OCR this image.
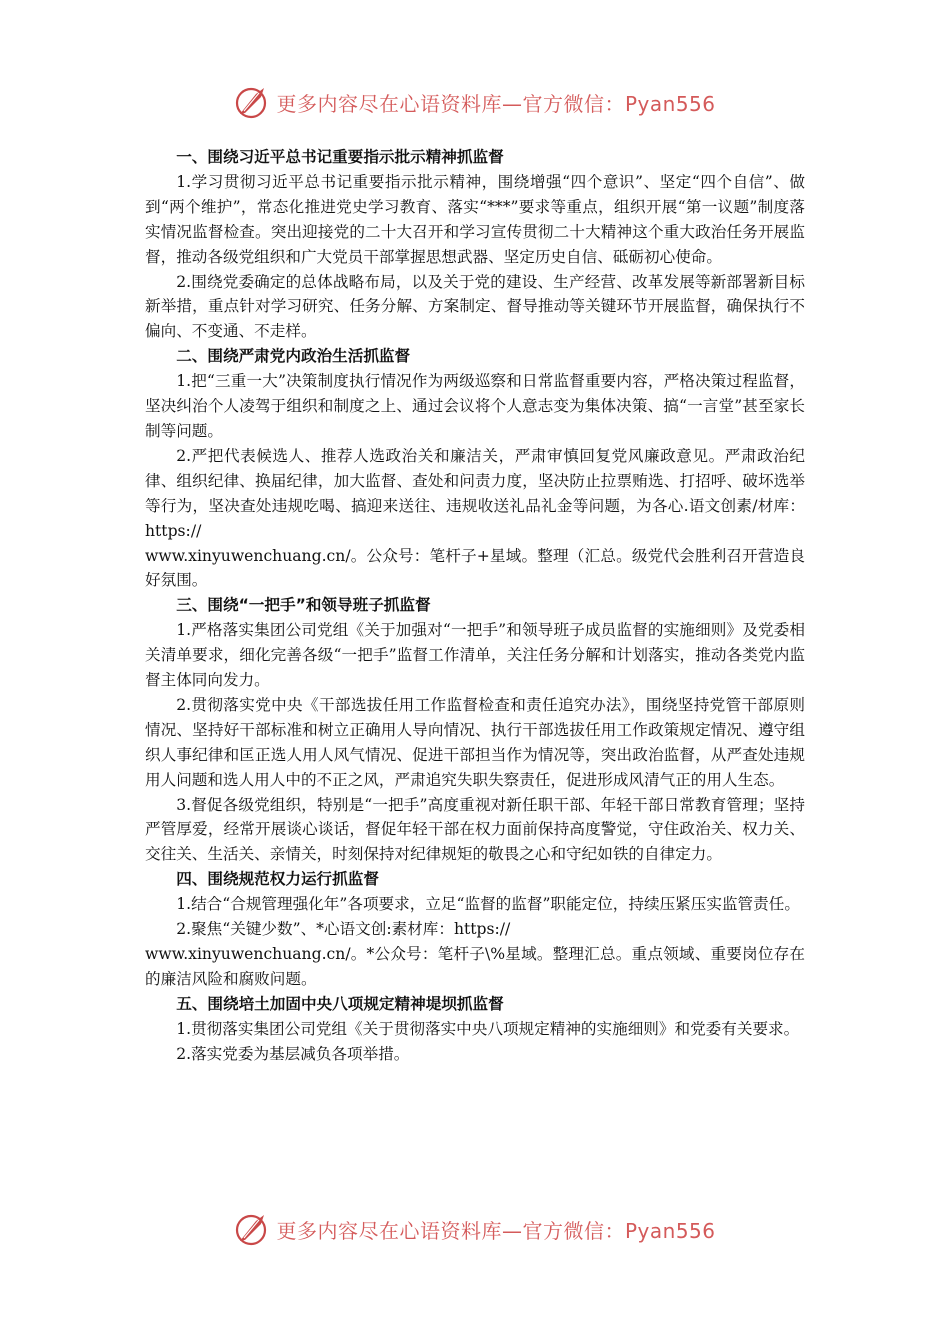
更多内容尽在心语资料库—官方微信：Pyan556
一、围绕习近平总书记重要指示批示精神抓监督

1.学习贯彻习近平总书记重要指示批示精神，围绕增强“四个意识”、坚定“四个自信”、做到“两个维护”，常态化推进党史学习教育、落实“***”要求等重点，组织开展“第一议题”制度落实情况监督检查。突出迎接党的二十大召开和学习宣传贯彻二十大精神这个重大政治任务开展监督，推动各级党组织和广大党员干部掌握思想武器、坚定历史自信、砥砺初心使命。

2.围绕党委确定的总体战略布局，以及关于党的建设、生产经营、改革发展等新部署新目标新举措，重点针对学习研究、任务分解、方案制定、督导推动等关键环节开展监督，确保执行不偏向、不变通、不走样。

二、围绕严肃党内政治生活抓监督

1.把“三重一大”决策制度执行情况作为两级巡察和日常监督重要内容，严格决策过程监督，坚决纠治个人凌驾于组织和制度之上、通过会议将个人意志变为集体决策、搞“一言堂”甚至家长制等问题。

2.严把代表候选人、推荐人选政治关和廉洁关，严肃审慎回复党风廉政意见。严肃政治纪律、组织纪律、换届纪律，加大监督、查处和问责力度，坚决防止拉票贿选、打招呼、破坏选举等行为，坚决查处违规吃喝、搞迎来送往、违规收送礼品礼金等问题，为各心.语文创素/材库：https://

www.xinyuwenchuang.cn/。公众号：笔杆子+星域。整理（汇总。级党代会胜利召开营造良好氛围。

三、围绕“一把手”和领导班子抓监督

1.严格落实集团公司党组《关于加强对“一把手”和领导班子成员监督的实施细则》及党委相关清单要求，细化完善各级“一把手”监督工作清单，关注任务分解和计划落实，推动各类党内监督主体同向发力。

2.贯彻落实党中央《干部选拔任用工作监督检查和责任追究办法》，围绕坚持党管干部原则情况、坚持好干部标准和树立正确用人导向情况、执行干部选拔任用工作政策规定情况、遵守组织人事纪律和匡正选人用人风气情况、促进干部担当作为情况等，突出政治监督，从严查处违规用人问题和选人用人中的不正之风，严肃追究失职失察责任，促进形成风清气正的用人生态。

3.督促各级党组织，特别是“一把手”高度重视对新任职干部、年轻干部日常教育管理；坚持严管厚爱，经常开展谈心谈话，督促年轻干部在权力面前保持高度警觉，守住政治关、权力关、交往关、生活关、亲情关，时刻保持对纪律规矩的敬畏之心和守纪如铁的自律定力。

四、围绕规范权力运行抓监督

1.结合“合规管理强化年”各项要求，立足“监督的监督”职能定位，持续压紧压实监管责任。

2.聚焦“关键少数”、*心语文创:素材库：https://

www.xinyuwenchuang.cn/。*公众号：笔杆子\%星域。整理汇总。重点领域、重要岗位存在的廉洁风险和腐败问题。

五、围绕培土加固中央八项规定精神堤坝抓监督

1.贯彻落实集团公司党组《关于贯彻落实中央八项规定精神的实施细则》和党委有关要求。

2.落实党委为基层减负各项举措。

更多内容尽在心语资料库—官方微信：Pyan556
